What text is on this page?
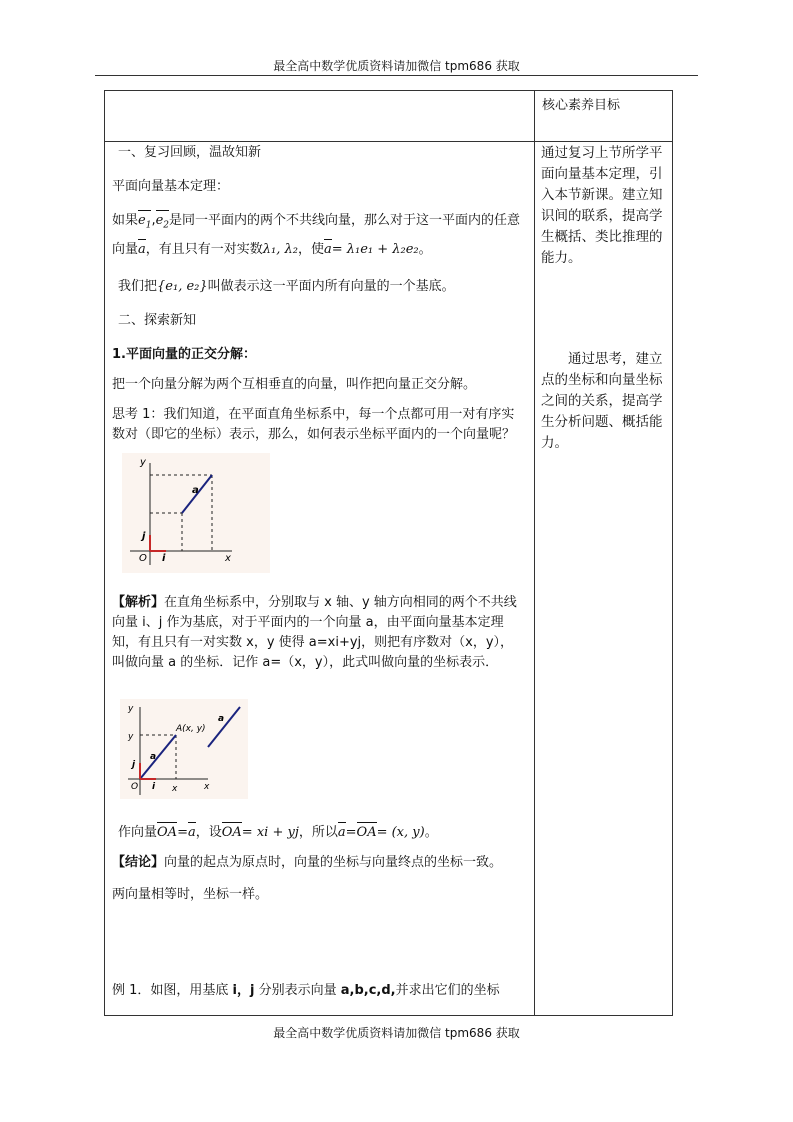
最全高中数学优质资料请加微信 tpm686 获取
核心素养目标
通过复习上节所学平面向量基本定理，引入本节新课。建立知识间的联系，提高学生概括、类比推理的能力。
通过思考，建立点的坐标和向量坐标之间的关系，提高学生分析问题、概括能力。

一、复习回顾，温故知新

平面向量基本定理：

如果$e_1,e_2$是同一平面内的两个不共线向量，那么对于这一平面内的任意向量a，有且只有一对实数λ₁, λ₂，使a= λ₁e₁ + λ₂e₂。

我们把{e₁, e₂}叫做表示这一平面内所有向量的一个基底。

二、探索新知

1.平面向量的正交分解：

把一个向量分解为两个互相垂直的向量，叫作把向量正交分解。

思考 1：我们知道，在平面直角坐标系中，每一个点都可用一对有序实数对（即它的坐标）表示，那么，如何表示坐标平面内的一个向量呢？

y
x
O i
j
a

【解析】在直角坐标系中，分别取与 x 轴、y 轴方向相同的两个不共线向量 i、j 作为基底，对于平面内的一个向量 a，由平面向量基本定理知，有且只有一对实数 x，y 使得 a=xi+yj，则把有序数对（x，y），叫做向量 a 的坐标．记作 a=（x，y），此式叫做向量的坐标表示．

y
x
O i
j
a
a
A(x, y)
x
y

作向量OA=a，设OA= xi + yj，所以a=OA= (x, y)。

【结论】向量的起点为原点时，向量的坐标与向量终点的坐标一致。

两向量相等时，坐标一样。

例 1．如图，用基底 i，j 分别表示向量 a,b,c,d,并求出它们的坐标

最全高中数学优质资料请加微信 tpm686 获取
